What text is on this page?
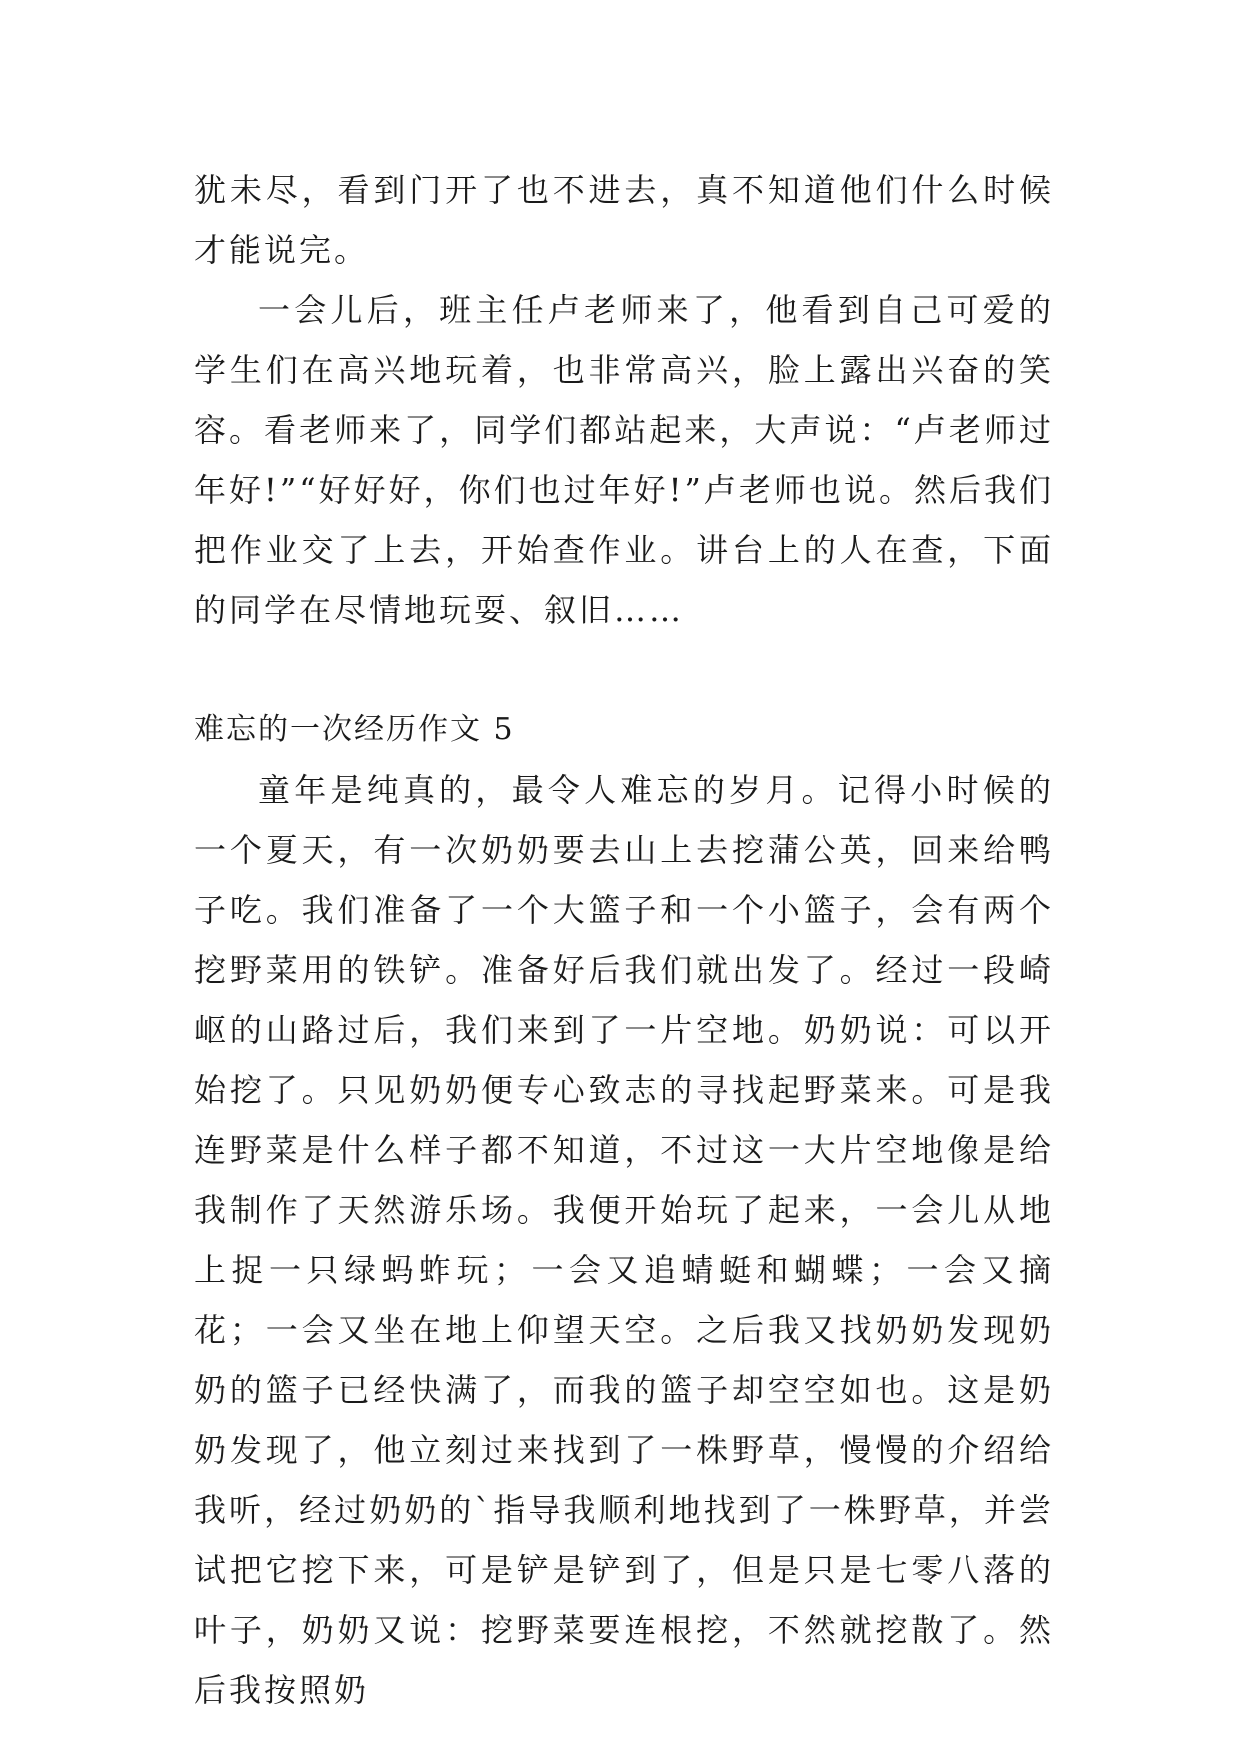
犹未尽，看到门开了也不进去，真不知道他们什么时候才能说完。

一会儿后，班主任卢老师来了，他看到自己可爱的学生们在高兴地玩着，也非常高兴，脸上露出兴奋的笑容。看老师来了，同学们都站起来，大声说：“卢老师过年好!”“好好好，你们也过年好!”卢老师也说。然后我们把作业交了上去，开始查作业。讲台上的人在查，下面的同学在尽情地玩耍、叙旧……

难忘的一次经历作文 5

童年是纯真的，最令人难忘的岁月。记得小时候的一个夏天，有一次奶奶要去山上去挖蒲公英，回来给鸭子吃。我们准备了一个大篮子和一个小篮子，会有两个挖野菜用的铁铲。准备好后我们就出发了。经过一段崎岖的山路过后，我们来到了一片空地。奶奶说：可以开始挖了。只见奶奶便专心致志的寻找起野菜来。可是我连野菜是什么样子都不知道，不过这一大片空地像是给我制作了天然游乐场。我便开始玩了起来，一会儿从地上捉一只绿蚂蚱玩；一会又追蜻蜓和蝴蝶；一会又摘花；一会又坐在地上仰望天空。之后我又找奶奶发现奶奶的篮子已经快满了，而我的篮子却空空如也。这是奶奶发现了，他立刻过来找到了一株野草，慢慢的介绍给我听，经过奶奶的`指导我顺利地找到了一株野草，并尝试把它挖下来，可是铲是铲到了，但是只是七零八落的叶子，奶奶又说：挖野菜要连根挖，不然就挖散了。然后我按照奶
